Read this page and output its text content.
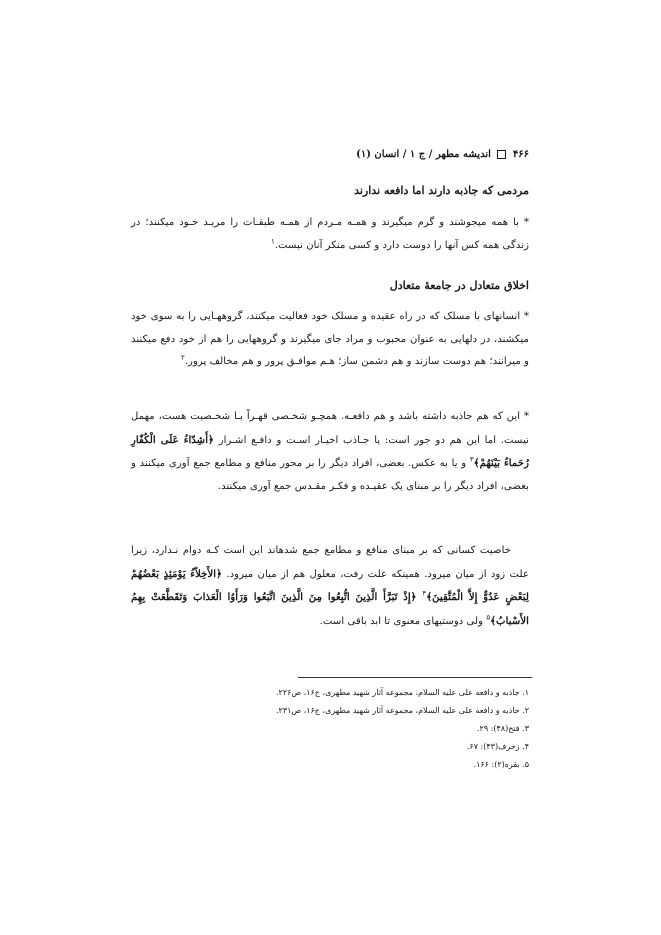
۴۶۶  اندیشه مطهر / ج ۱ / انسان (۱)
مردمی که جاذبه دارند اما دافعه ندارند

* با همه میجوشند و گرم میگیرند و همـه مـردم از همـه طبقـات را مریـد خـود میکنند؛ در زندگی همه کس آنها را دوست دارد و کسی منکر آنان نیست.$^۱$

اخلاق متعادل در جامعهٔ متعادل

* انسانهای با مسلک که در راه عقیده و مسلک خود فعالیت میکنند، گروههـایی را به سوی خود میکشند، در دلهایی به عنوان محبوب و مراد جای میگیرند و گروههایی را هم از خود دفع میکنند و میرانند؛ هم دوست سازند و هم دشمن ساز؛ هـم موافـق پرور و هم مخالف پرور.$^۲$

* این که هم جاذبه داشته باشد و هم دافعـه. همچـو شخـصی قهـراً بـا شخـصیت هست، مهمل نیست. اما این هم دو جور است: یا جـاذب اخیـار اسـت و دافـع اشـرار ﴿أَشِدّاءُ عَلَى الْكُفّارِ رُحَماءُ بَيْنَهُمْ﴾$^۳$ و یا به عکس. بعضی، افراد دیگر را بر محور منافع و مطامع جمع آوری میکنند و بعضی، افراد دیگر را بر مبنای یک عقیـده و فکـر مقـدس جمع آوری میکنند.

خاصیت کسانی که بر مبنای منافع و مطامع جمع شدهاند این است کـه دوام نـدارد، زیرا علت زود از میان میرود. همینکه علت رفت، معلول هم از میان میرود. ﴿الأَخِلاّءُ يَوْمَئِذٍ بَعْضُهُمْ لِبَعْضٍ عَدُوٌّ إِلاَّ الْمُتَّقِينَ﴾$^۴$ ﴿إِذْ تَبَرَّأَ الَّذِينَ اتُّبِعُوا مِنَ الَّذِينَ اتَّبَعُوا وَرَأَوُا الْعَذابَ وَتَقَطَّعَتْ بِهِمُ الأَسْبابُ﴾$^۵$ ولی دوستیهای معنوی تا ابد باقی است.

۱. جاذبه و دافعه علی علیه السلام، مجموعه آثار شهید مطهری، ج۱۶، ص۲۲۶.
۲. جاذبه و دافعه علی علیه السلام، مجموعه آثار شهید مطهری، ج۱۶، ص۲۳۱.
۳. فتح(۴۸): ۲۹.
۴. زخرف(۴۳): ۶۷.
۵. بقره(۲): ۱۶۶.
